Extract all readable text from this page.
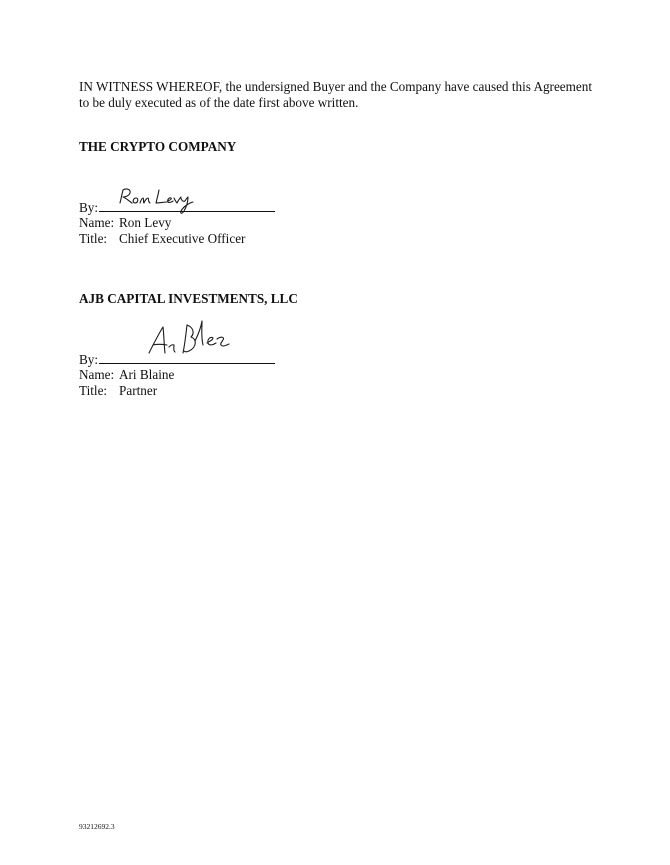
IN WITNESS WHEREOF, the undersigned Buyer and the Company have caused this Agreement to be duly executed as of the date first above written.
THE CRYPTO COMPANY
By:
Name: Ron Levy
Title: Chief Executive Officer
AJB CAPITAL INVESTMENTS, LLC
By:
Name: Ari Blaine
Title: Partner
93212692.3
